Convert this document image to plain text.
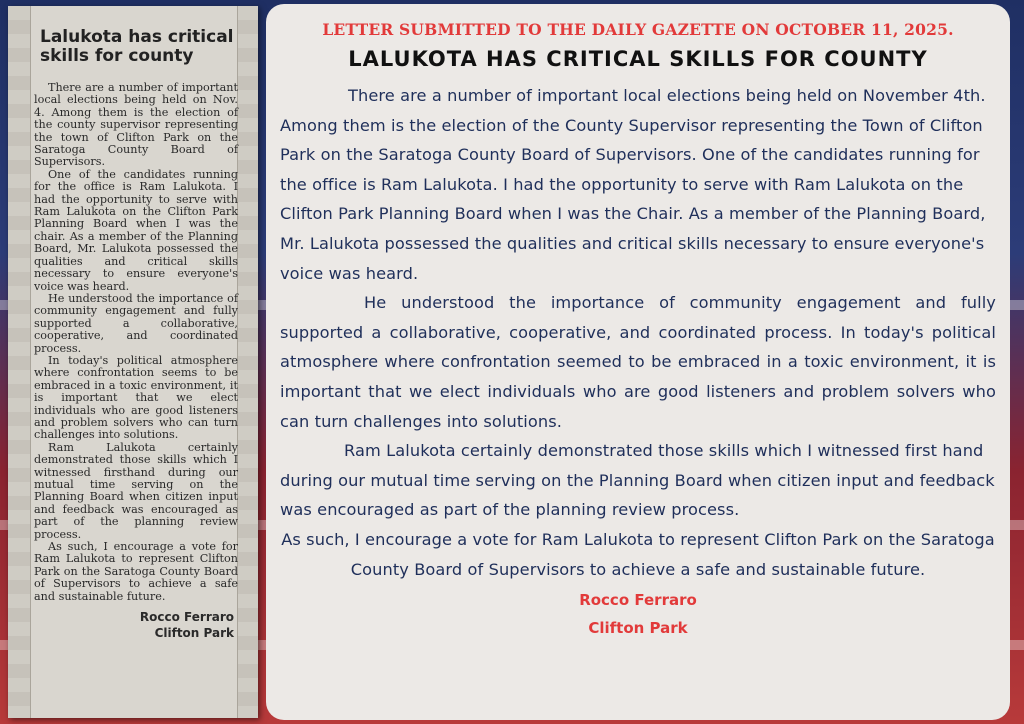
Lalukota has critical skills for county

There are a number of important local elections being held on Nov. 4. Among them is the election of the county supervisor representing the town of Clifton Park on the Saratoga County Board of Supervisors.

One of the candidates running for the office is Ram Lalukota. I had the opportunity to serve with Ram Lalukota on the Clifton Park Planning Board when I was the chair. As a member of the Planning Board, Mr. Lalukota possessed the qualities and critical skills necessary to ensure everyone's voice was heard.

He understood the importance of community engagement and fully supported a collaborative, cooperative, and coordinated process.

In today's political atmosphere where confrontation seems to be embraced in a toxic environment, it is important that we elect individuals who are good listeners and problem solvers who can turn challenges into solutions.

Ram Lalukota certainly demonstrated those skills which I witnessed firsthand during our mutual time serving on the Planning Board when citizen input and feedback was encouraged as part of the planning review process.

As such, I encourage a vote for Ram Lalukota to represent Clifton Park on the Saratoga County Board of Supervisors to achieve a safe and sustainable future.

Rocco Ferraro
Clifton Park
LETTER SUBMITTED TO THE DAILY GAZETTE ON OCTOBER 11, 2025.
LALUKOTA HAS CRITICAL SKILLS FOR COUNTY

There are a number of important local elections being held on November 4th. Among them is the election of the County Supervisor representing the Town of Clifton Park on the Saratoga County Board of Supervisors. One of the candidates running for the office is Ram Lalukota. I had the opportunity to serve with Ram Lalukota on the Clifton Park Planning Board when I was the Chair. As a member of the Planning Board, Mr. Lalukota possessed the qualities and critical skills necessary to ensure everyone's voice was heard.

He understood the importance of community engagement and fully supported a collaborative, cooperative, and coordinated process. In today's political atmosphere where confrontation seemed to be embraced in a toxic environment, it is important that we elect individuals who are good listeners and problem solvers who can turn challenges into solutions.

Ram Lalukota certainly demonstrated those skills which I witnessed first hand during our mutual time serving on the Planning Board when citizen input and feedback was encouraged as part of the planning review process.

As such, I encourage a vote for Ram Lalukota to represent Clifton Park on the Saratoga County Board of Supervisors to achieve a safe and sustainable future.

Rocco Ferraro
Clifton Park
